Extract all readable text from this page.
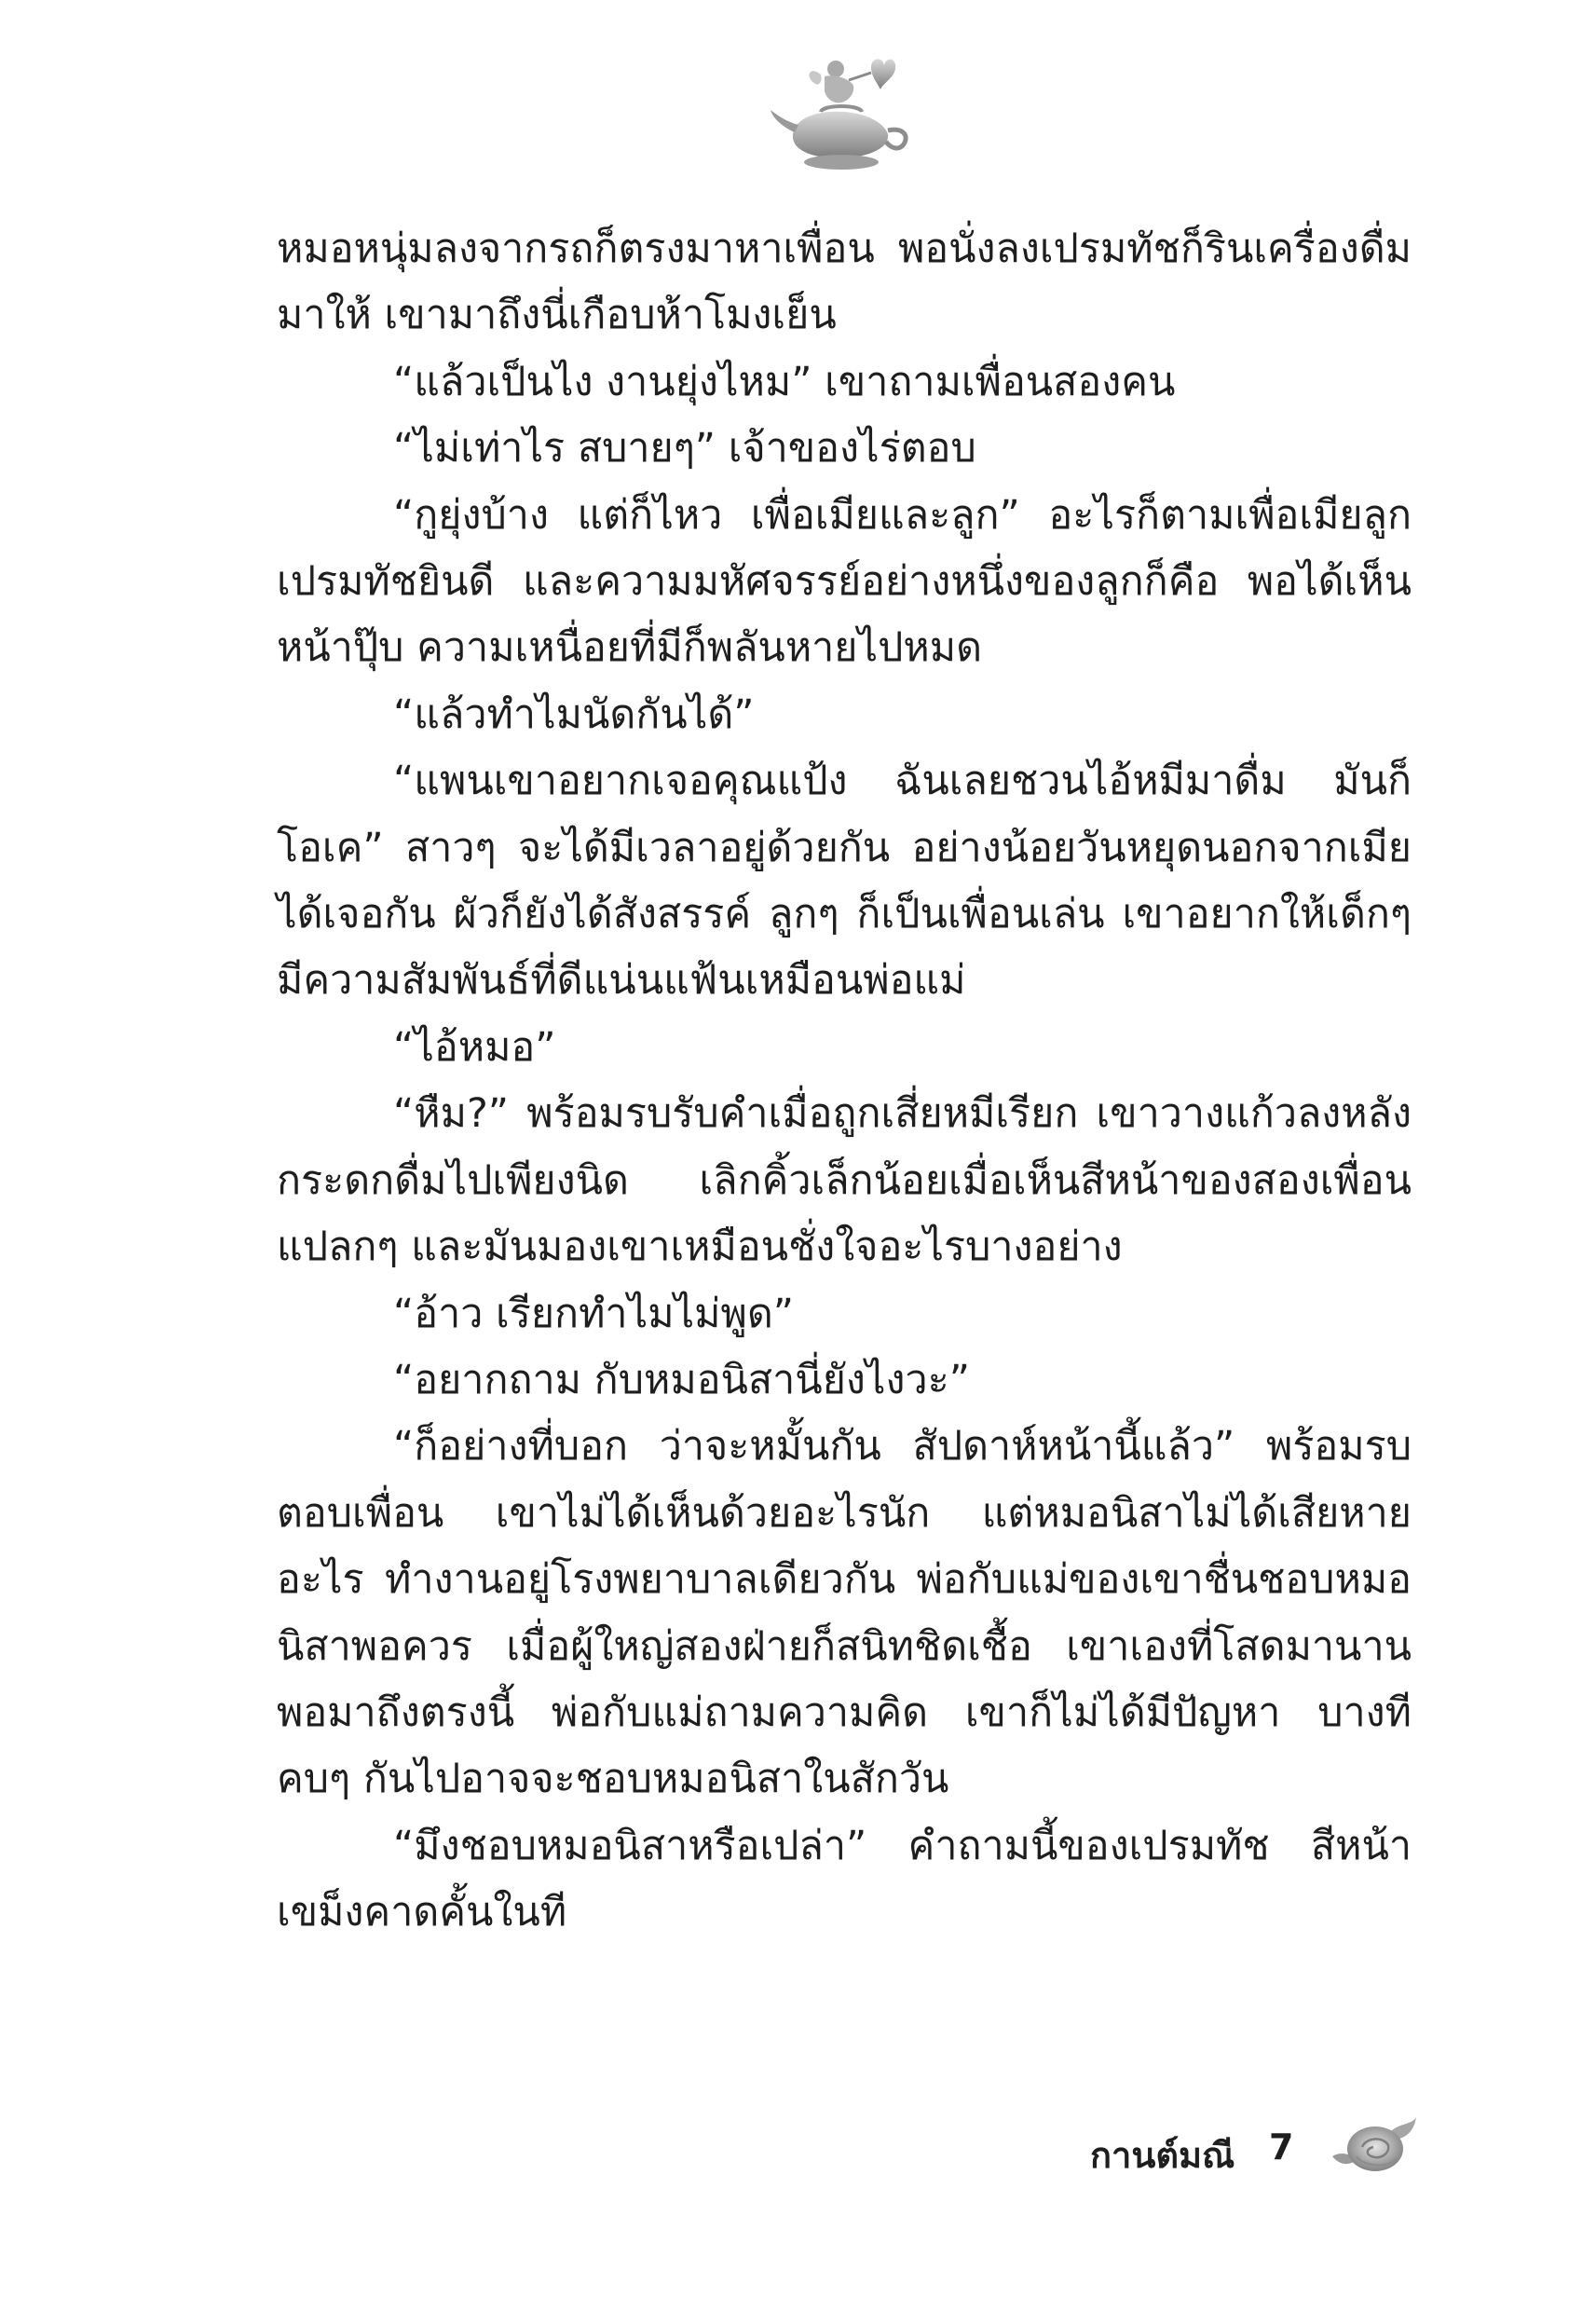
หมอหนุ่มลงจากรถก็ตรงมาหาเพื่อน พอนั่งลงเปรมทัชก็รินเครื่องดื่มมาให้ เขามาถึงนี่เกือบห้าโมงเย็น

“แล้วเป็นไง งานยุ่งไหม” เขาถามเพื่อนสองคน

“ไม่เท่าไร สบายๆ” เจ้าของไร่ตอบ

“กูยุ่งบ้าง แต่ก็ไหว เพื่อเมียและลูก” อะไรก็ตามเพื่อเมียลูก เปรมทัชยินดี และความมหัศจรรย์อย่างหนึ่งของลูกก็คือ พอได้เห็นหน้าปุ๊บ ความเหนื่อยที่มีก็พลันหายไปหมด

“แล้วทำไมนัดกันได้”

“แพนเขาอยากเจอคุณแป้ง ฉันเลยชวนไอ้หมีมาดื่ม มันก็โอเค” สาวๆ จะได้มีเวลาอยู่ด้วยกัน อย่างน้อยวันหยุดนอกจากเมียได้เจอกัน ผัวก็ยังได้สังสรรค์ ลูกๆ ก็เป็นเพื่อนเล่น เขาอยากให้เด็กๆ มีความสัมพันธ์ที่ดีแน่นแฟ้นเหมือนพ่อแม่

“ไอ้หมอ”

“หืม?” พร้อมรบรับคำเมื่อถูกเสี่ยหมีเรียก เขาวางแก้วลงหลังกระดกดื่มไปเพียงนิด เลิกคิ้วเล็กน้อยเมื่อเห็นสีหน้าของสองเพื่อนแปลกๆ และมันมองเขาเหมือนชั่งใจอะไรบางอย่าง

“อ้าว เรียกทำไมไม่พูด”

“อยากถาม กับหมอนิสานี่ยังไงวะ”

“ก็อย่างที่บอก ว่าจะหมั้นกัน สัปดาห์หน้านี้แล้ว” พร้อมรบตอบเพื่อน เขาไม่ได้เห็นด้วยอะไรนัก แต่หมอนิสาไม่ได้เสียหายอะไร ทำงานอยู่โรงพยาบาลเดียวกัน พ่อกับแม่ของเขาชื่นชอบหมอนิสาพอควร เมื่อผู้ใหญ่สองฝ่ายก็สนิทชิดเชื้อ เขาเองที่โสดมานาน พอมาถึงตรงนี้ พ่อกับแม่ถามความคิด เขาก็ไม่ได้มีปัญหา บางทีคบๆ กันไปอาจจะชอบหมอนิสาในสักวัน

“มึงชอบหมอนิสาหรือเปล่า” คำถามนี้ของเปรมทัช สีหน้าเขม็งคาดคั้นในที

กานต์มณี 7
